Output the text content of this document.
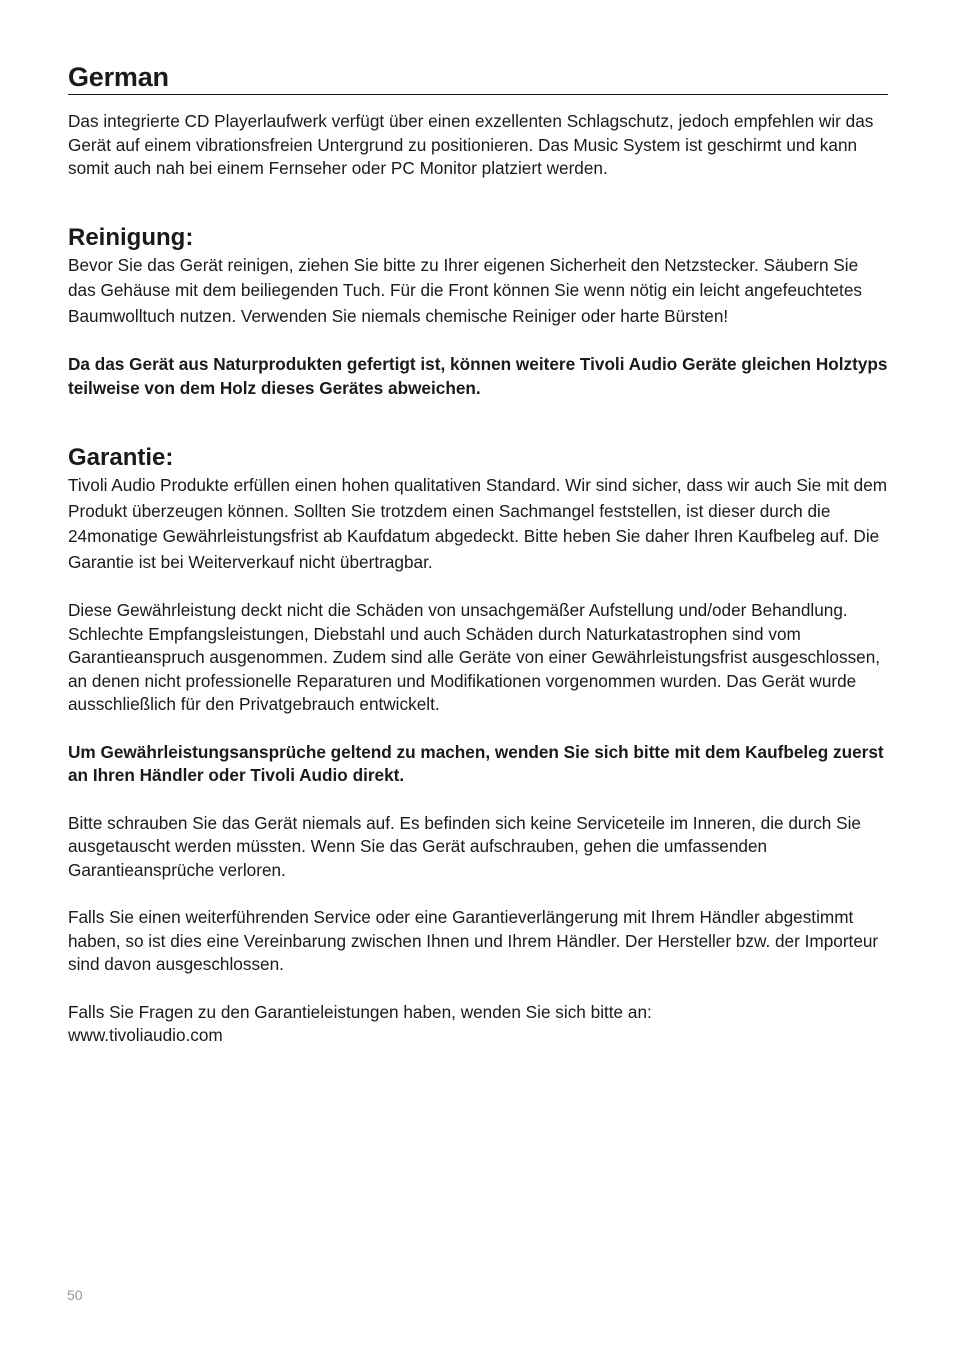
German

Das integrierte CD Playerlaufwerk verfügt über einen exzellenten Schlagschutz, jedoch empfehlen wir das Gerät auf einem vibrationsfreien Untergrund zu positionieren. Das Music System ist geschirmt und kann somit auch nah bei einem Fernseher oder PC Monitor platziert werden.

Reinigung:

Bevor Sie das Gerät reinigen, ziehen Sie bitte zu Ihrer eigenen Sicherheit den Netzstecker. Säubern Sie das Gehäuse mit dem beiliegenden Tuch. Für die Front können Sie wenn nötig ein leicht angefeuchtetes Baumwolltuch nutzen. Verwenden Sie niemals chemische Reiniger oder harte Bürsten!

Da das Gerät aus Naturprodukten gefertigt ist, können weitere Tivoli Audio Geräte gleichen Holztyps teilweise von dem Holz dieses Gerätes abweichen.

Garantie:

Tivoli Audio Produkte erfüllen einen hohen qualitativen Standard. Wir sind sicher, dass wir auch Sie mit dem Produkt überzeugen können. Sollten Sie trotzdem einen Sachmangel feststellen, ist dieser durch die 24monatige Gewährleistungsfrist ab Kaufdatum abgedeckt. Bitte heben Sie daher Ihren Kaufbeleg auf. Die Garantie ist bei Weiterverkauf nicht übertragbar.

Diese Gewährleistung deckt nicht die Schäden von unsachgemäßer Aufstellung und/oder Behandlung. Schlechte Empfangsleistungen, Diebstahl und auch Schäden durch Naturkatastrophen sind vom Garantieanspruch ausgenommen. Zudem sind alle Geräte von einer Gewährleistungsfrist ausgeschlossen, an denen nicht professionelle Reparaturen und Modifikationen vorgenommen wurden. Das Gerät wurde ausschließlich für den Privatgebrauch entwickelt.

Um Gewährleistungsansprüche geltend zu machen, wenden Sie sich bitte mit dem Kaufbeleg zuerst an Ihren Händler oder Tivoli Audio direkt.

Bitte schrauben Sie das Gerät niemals auf. Es befinden sich keine Serviceteile im Inneren, die durch Sie ausgetauscht werden müssten. Wenn Sie das Gerät aufschrauben, gehen die umfassenden Garantieansprüche verloren.

Falls Sie einen weiterführenden Service oder eine Garantieverlängerung mit Ihrem Händler abgestimmt haben, so ist dies eine Vereinbarung zwischen Ihnen und Ihrem Händler. Der Hersteller bzw. der Importeur sind davon ausgeschlossen.

Falls Sie Fragen zu den Garantieleistungen haben, wenden Sie sich bitte an:
www.tivoliaudio.com

50
